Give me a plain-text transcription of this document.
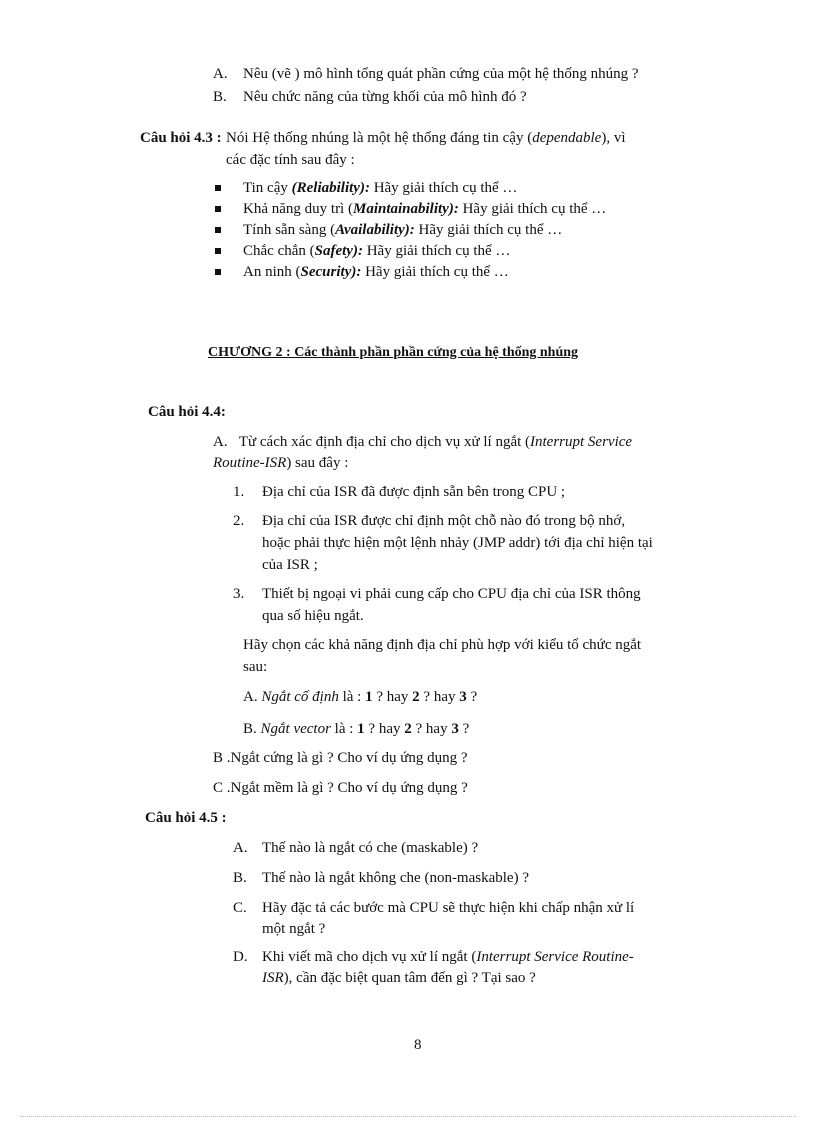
A. Nêu (vẽ ) mô hình tổng quát phần cứng của một hệ thống nhúng ?
B. Nêu chức năng của từng khối của mô hình đó ?
Câu hỏi 4.3 : Nói Hệ thống nhúng là một hệ thống đáng tin cậy (dependable), vì
các đặc tính sau đây :
Tin cậy (Reliability): Hãy giải thích cụ thể …
Khả năng duy trì (Maintainability): Hãy giải thích cụ thể …
Tính sẵn sàng (Availability): Hãy giải thích cụ thể …
Chắc chắn (Safety): Hãy giải thích cụ thể …
An ninh (Security): Hãy giải thích cụ thể …
CHƯƠNG 2 : Các thành phần phần cứng của hệ thống nhúng
Câu hỏi 4.4:
A. Từ cách xác định địa chỉ cho dịch vụ xử lí ngắt (Interrupt Service
Routine-ISR) sau đây :
1. Địa chỉ của ISR đã được định sẵn bên trong CPU ;
2. Địa chỉ của ISR được chỉ định một chỗ nào đó trong bộ nhớ,
hoặc phải thực hiện một lệnh nhảy (JMP addr) tới địa chỉ hiện tại
của ISR ;
3. Thiết bị ngoại vi phải cung cấp cho CPU địa chỉ của ISR thông
qua số hiệu ngắt.
Hãy chọn các khả năng định địa chỉ phù hợp với kiểu tổ chức ngắt
sau:
A. Ngắt cố định là : 1 ? hay 2 ? hay 3 ?
B. Ngắt vector là : 1 ? hay 2 ? hay 3 ?
B .Ngắt cứng là gì ? Cho ví dụ ứng dụng ?
C .Ngắt mềm là gì ? Cho ví dụ ứng dụng ?
Câu hỏi 4.5 :
A. Thế nào là ngắt có che (maskable) ?
B. Thế nào là ngắt không che (non-maskable) ?
C. Hãy đặc tả các bước mà CPU sẽ thực hiện khi chấp nhận xử lí
một ngắt ?
D. Khi viết mã cho dịch vụ xử lí ngắt (Interrupt Service Routine-
ISR), cần đặc biệt quan tâm đến gì ? Tại sao ?
8
